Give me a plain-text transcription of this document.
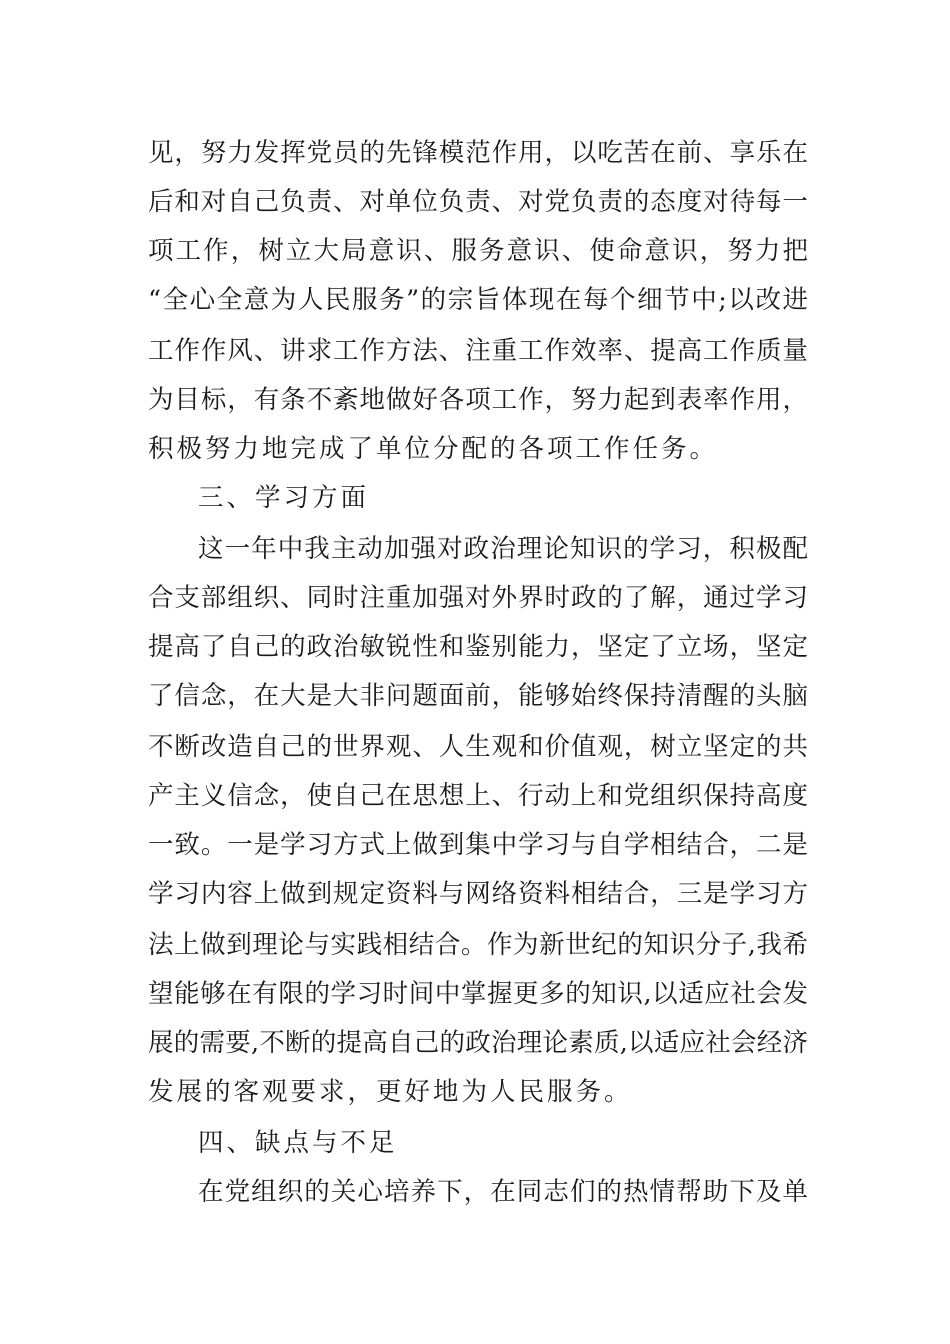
见，努力发挥党员的先锋模范作用，以吃苦在前、享乐在
后和对自己负责、对单位负责、对党负责的态度对待每一
项工作，树立大局意识、服务意识、使命意识，努力把
“全心全意为人民服务”的宗旨体现在每个细节中;以改进
工作作风、讲求工作方法、注重工作效率、提高工作质量
为目标，有条不紊地做好各项工作，努力起到表率作用，
积极努力地完成了单位分配的各项工作任务。
三、学习方面
这一年中我主动加强对政治理论知识的学习，积极配
合支部组织、同时注重加强对外界时政的了解，通过学习
提高了自己的政治敏锐性和鉴别能力，坚定了立场，坚定
了信念，在大是大非问题面前，能够始终保持清醒的头脑
不断改造自己的世界观、人生观和价值观，树立坚定的共
产主义信念，使自己在思想上、行动上和党组织保持高度
一致。一是学习方式上做到集中学习与自学相结合，二是
学习内容上做到规定资料与网络资料相结合，三是学习方
法上做到理论与实践相结合。作为新世纪的知识分子,我希
望能够在有限的学习时间中掌握更多的知识,以适应社会发
展的需要,不断的提高自己的政治理论素质,以适应社会经济
发展的客观要求，更好地为人民服务。
四、缺点与不足
在党组织的关心培养下，在同志们的热情帮助下及单
